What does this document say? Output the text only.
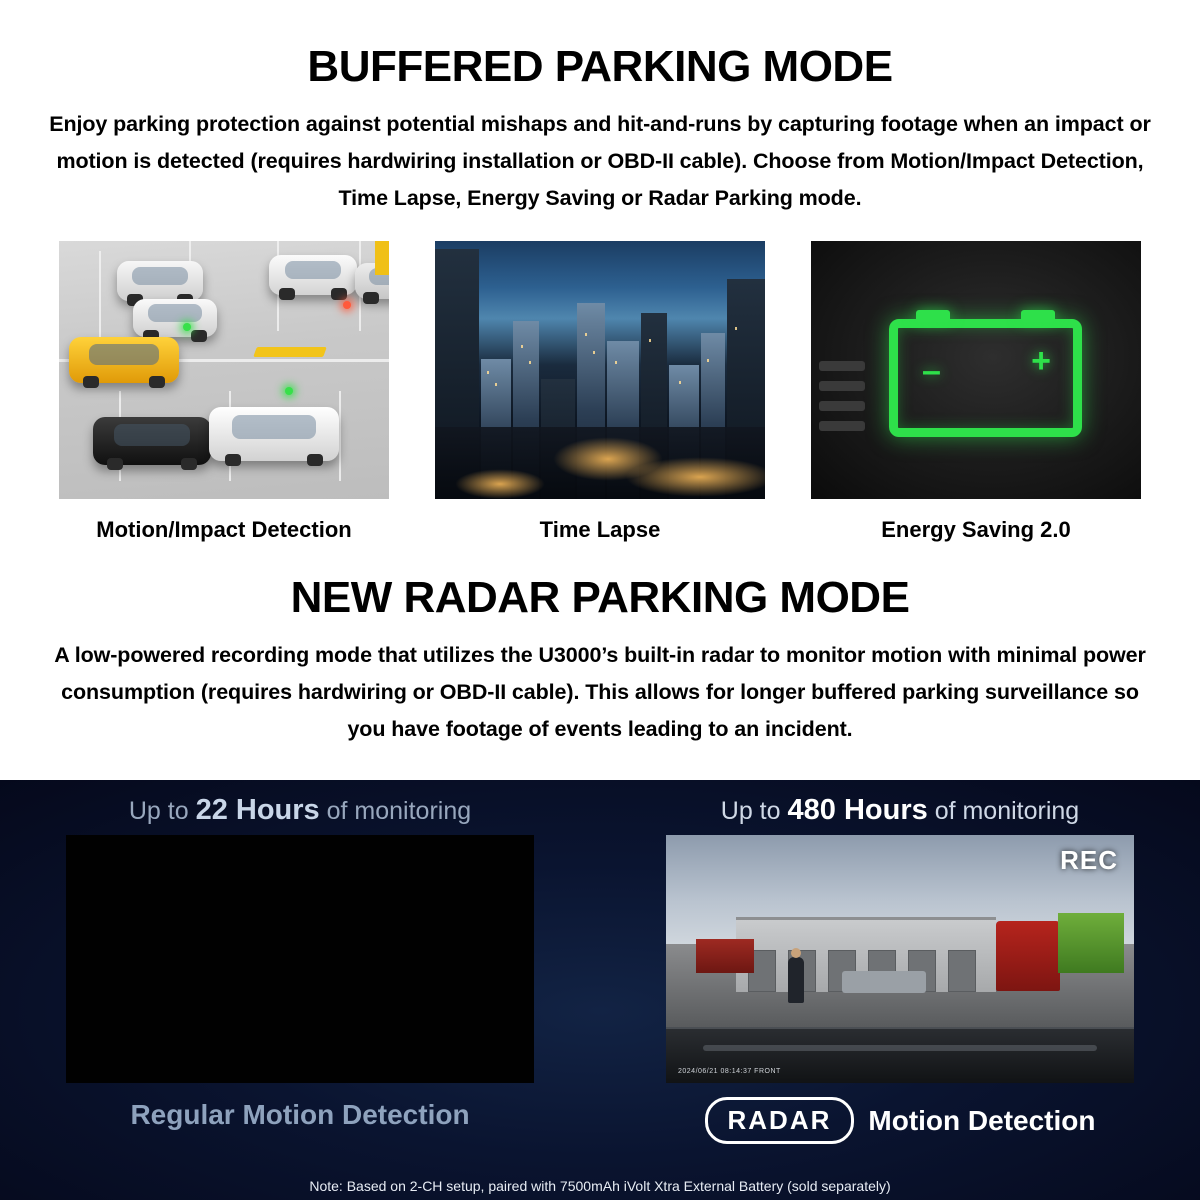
BUFFERED PARKING MODE
Enjoy parking protection against potential mishaps and hit-and-runs by capturing footage when an impact or motion is detected (requires hardwiring installation or OBD-II cable). Choose from Motion/Impact Detection, Time Lapse, Energy Saving or Radar Parking mode.
Motion/Impact Detection	Time Lapse
–	+
Energy Saving 2.0
NEW RADAR PARKING MODE
A low-powered recording mode that utilizes the U3000’s built-in radar to monitor motion with minimal power consumption (requires hardwiring or OBD-II cable). This allows for longer buffered parking surveillance so you have footage of events leading to an incident.
Up to 22 Hours of monitoring
Regular Motion Detection
Up to 480 Hours of monitoring
REC
2024/06/21 08:14:37 FRONT
RADAR	Motion Detection
Note: Based on 2-CH setup, paired with 7500mAh iVolt Xtra External Battery (sold separately)
